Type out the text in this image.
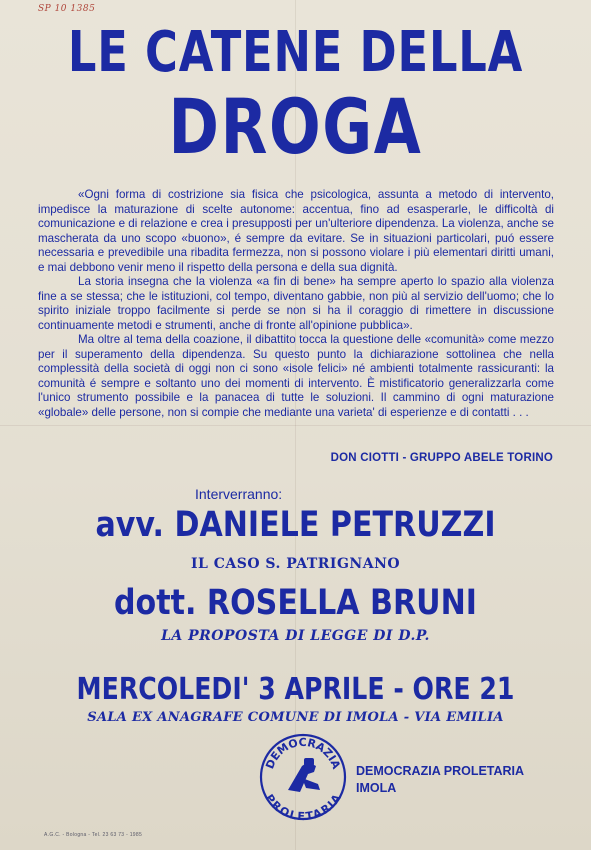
SP 10 1385
LE CATENE DELLA
DROGA

«Ogni forma di costrizione sia fisica che psicologica, assunta a metodo di intervento, impedisce la maturazione di scelte autonome: accentua, fino ad esasperarle, le difficoltà di comunicazione e di relazione e crea i presupposti per un'ulteriore dipendenza. La violenza, anche se mascherata da uno scopo «buono», é sempre da evitare. Se in situazioni particolari, puó essere necessaria e prevedibile una ribadita fermezza, non si possono violare i più elementari diritti umani, e mai debbono venir meno il rispetto della persona e della sua dignità.

La storia insegna che la violenza «a fin di bene» ha sempre aperto lo spazio alla violenza fine a se stessa; che le istituzioni, col tempo, diventano gabbie, non più al servizio dell'uomo; che lo spirito iniziale troppo facilmente si perde se non si ha il coraggio di rimettere in discussione continuamente metodi e strumenti, anche di fronte all'opinione pubblica».

Ma oltre al tema della coazione, il dibattito tocca la questione delle «comunità» come mezzo per il superamento della dipendenza. Su questo punto la dichiarazione sottolinea che nella complessità della società di oggi non ci sono «isole felici» né ambienti totalmente rassicuranti: la comunità é sempre e soltanto uno dei momenti di intervento. È mistificatorio generalizzarla come l'unico strumento possibile e la panacea di tutte le soluzioni. Il cammino di ogni maturazione «globale» delle persone, non si compie che mediante una varieta' di esperienze e di contatti . . .

DON CIOTTI - GRUPPO ABELE TORINO
Interverranno:
avv. DANIELE PETRUZZI
IL CASO S. PATRIGNANO
dott. ROSELLA BRUNI
LA PROPOSTA DI LEGGE DI D.P.
MERCOLEDI' 3 APRILE - ORE 21
SALA EX ANAGRAFE COMUNE DI IMOLA - VIA EMILIA
DEMOCRAZIA
PROLETARIA
DEMOCRAZIA PROLETARIA
IMOLA
A.G.C. - Bologna - Tel. 23 63 73 - 1985
